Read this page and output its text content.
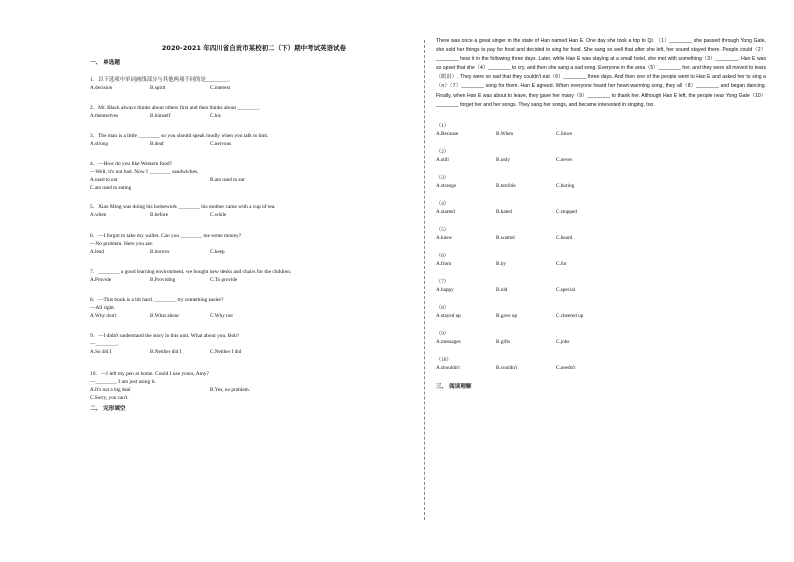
2020-2021 年四川省自贡市某校初二（下）期中考试英语试卷
一、 单选题
1．以下选项中单词画线部分与其他两项不同的是________。
A.decision	B.spirit	C.interest
2．Mr. Black always thinks about others first and then thinks about ________.
A.themselves	B.himself	C.his
3．The man is a little ________ so you should speak loudly when you talk to him.
A.strong	B.deaf	C.nervous
4．—How do you like Western food?
—Well, it's not bad. Now I ________ sandwiches.
A.used to eat	B.am used to eat
C.am used to eating
5．Xiao Ming was doing his homework ________ his mother came with a cup of tea.
A.when	B.before	C.while
6．—I forgot to take my wallet. Can you ________ me some money?
—No problem. Here you are.
A.lend	B.borrow	C.keep
7．________ a good learning environment, we bought new desks and chairs for the children.
A.Provide	B.Providing	C.To provide
8．—This book is a bit hard. ________ try something easier?
—All right.
A.Why don't	B.What about	C.Why not
9．—I didn't understand the story in this unit. What about you, Bob?
—________.
A.So did I	B.Neither did I	C.Neither I did
10．—I left my pen at home. Could I use yours, Amy?
—________ I am just using it.
A.It's not a big deal	B.Yes, no problem.
C.Sorry, you can't.
二、 完形填空

There was once a great singer in the state of Han named Han E. One day she took a trip to Qi. （1）________ she passed through Yong Gate, she sold her things to pay for food and decided to sing for food. She sang so well that after she left, her sound stayed there. People could（2）________ hear it in the following three days. Later, while Han E was staying at a small hotel, she met with something（3）________. Han E was so upset that she（4）________ to cry, and then she sang a sad song. Everyone in the area（5）________ her, and they were all moved to tears（眼泪）. They were so sad that they couldn't eat（6）________ three days. And then one of the people went to Han E and asked her to sing a（n）（7）________ song for them. Han E agreed. When everyone heard her heart-warming song, they all（8）________ and began dancing. Finally, when Han E was about to leave, they gave her many（9）________ to thank her. Although Han E left, the people near Yong Gate（10）________ forget her and her songs. They sang her songs, and became interested in singing, too.

（1）
A.Because	B.When	C.Since
（2）
A.still	B.only	C.never
（3）
A.strange	B.terrible	C.boring
（4）
A.started	B.hated	C.stopped
（5）
A.knew	B.waited	C.heard
（6）
A.from	B.by	C.for
（7）
A.happy	B.old	C.special
（8）
A.stayed up	B.gave up	C.cheered up
（9）
A.messages	B.gifts	C.jobs
（10）
A.shouldn't	B.couldn't	C.needn't
三、 阅读理解
